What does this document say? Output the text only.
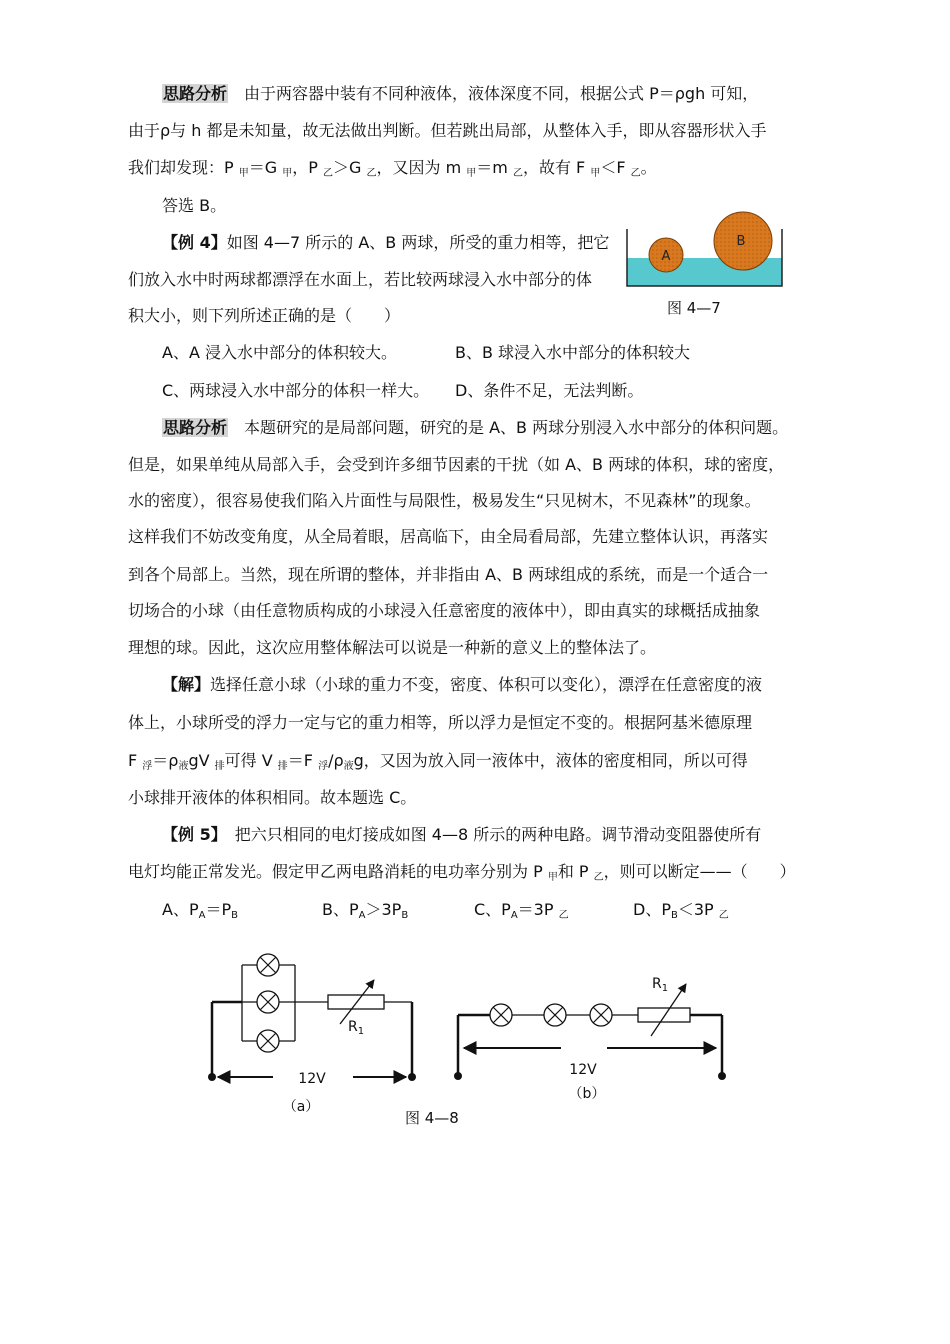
思路分析　由于两容器中装有不同种液体，液体深度不同，根据公式 P＝ρgh 可知，
由于ρ与 h 都是未知量，故无法做出判断。但若跳出局部，从整体入手，即从容器形状入手
我们却发现：P $_甲$＝G $_甲$，P $_乙$＞G $_乙$，又因为 m $_甲$＝m $_乙$，故有 F $_甲$＜F $_乙$。
答选 B。
【例 4】如图 4—7 所示的 A、B 两球，所受的重力相等，把它
们放入水中时两球都漂浮在水面上，若比较两球浸入水中部分的体
积大小，则下列所述正确的是（　　）
A
B
图 4—7
A、A 浸入水中部分的体积较大。	B、B 球浸入水中部分的体积较大
C、两球浸入水中部分的体积一样大。 D、条件不足，无法判断。
思路分析　本题研究的是局部问题，研究的是 A、B 两球分别浸入水中部分的体积问题。
但是，如果单纯从局部入手，会受到许多细节因素的干扰（如 A、B 两球的体积，球的密度，
水的密度），很容易使我们陷入片面性与局限性，极易发生“只见树木，不见森林”的现象。
这样我们不妨改变角度，从全局着眼，居高临下，由全局看局部，先建立整体认识，再落实
到各个局部上。当然，现在所谓的整体，并非指由 A、B 两球组成的系统，而是一个适合一
切场合的小球（由任意物质构成的小球浸入任意密度的液体中），即由真实的球概括成抽象
理想的球。因此，这次应用整体解法可以说是一种新的意义上的整体法了。
【解】选择任意小球（小球的重力不变，密度、体积可以变化），漂浮在任意密度的液
体上，小球所受的浮力一定与它的重力相等，所以浮力是恒定不变的。根据阿基米德原理
F $_浮=\rho_液gV$ $_排$可得 V $_排$＝F $_浮/\rho_液g$，又因为放入同一液体中，液体的密度相同，所以可得
小球排开液体的体积相同。故本题选 C。
【例 5】　把六只相同的电灯接成如图 4—8 所示的两种电路。调节滑动变阻器使所有
电灯均能正常发光。假定甲乙两电路消耗的电功率分别为 P $_甲$和 P $_乙$，则可以断定——（　　）
A、$P_A=P_B$	B、$P_A>3P_B$	C、$P_A=3P$ $_乙$	D、$P_B<3P$ $_乙$
$R_1$
12V
（a）
$R_1$
12V
（b）
图 4—8
